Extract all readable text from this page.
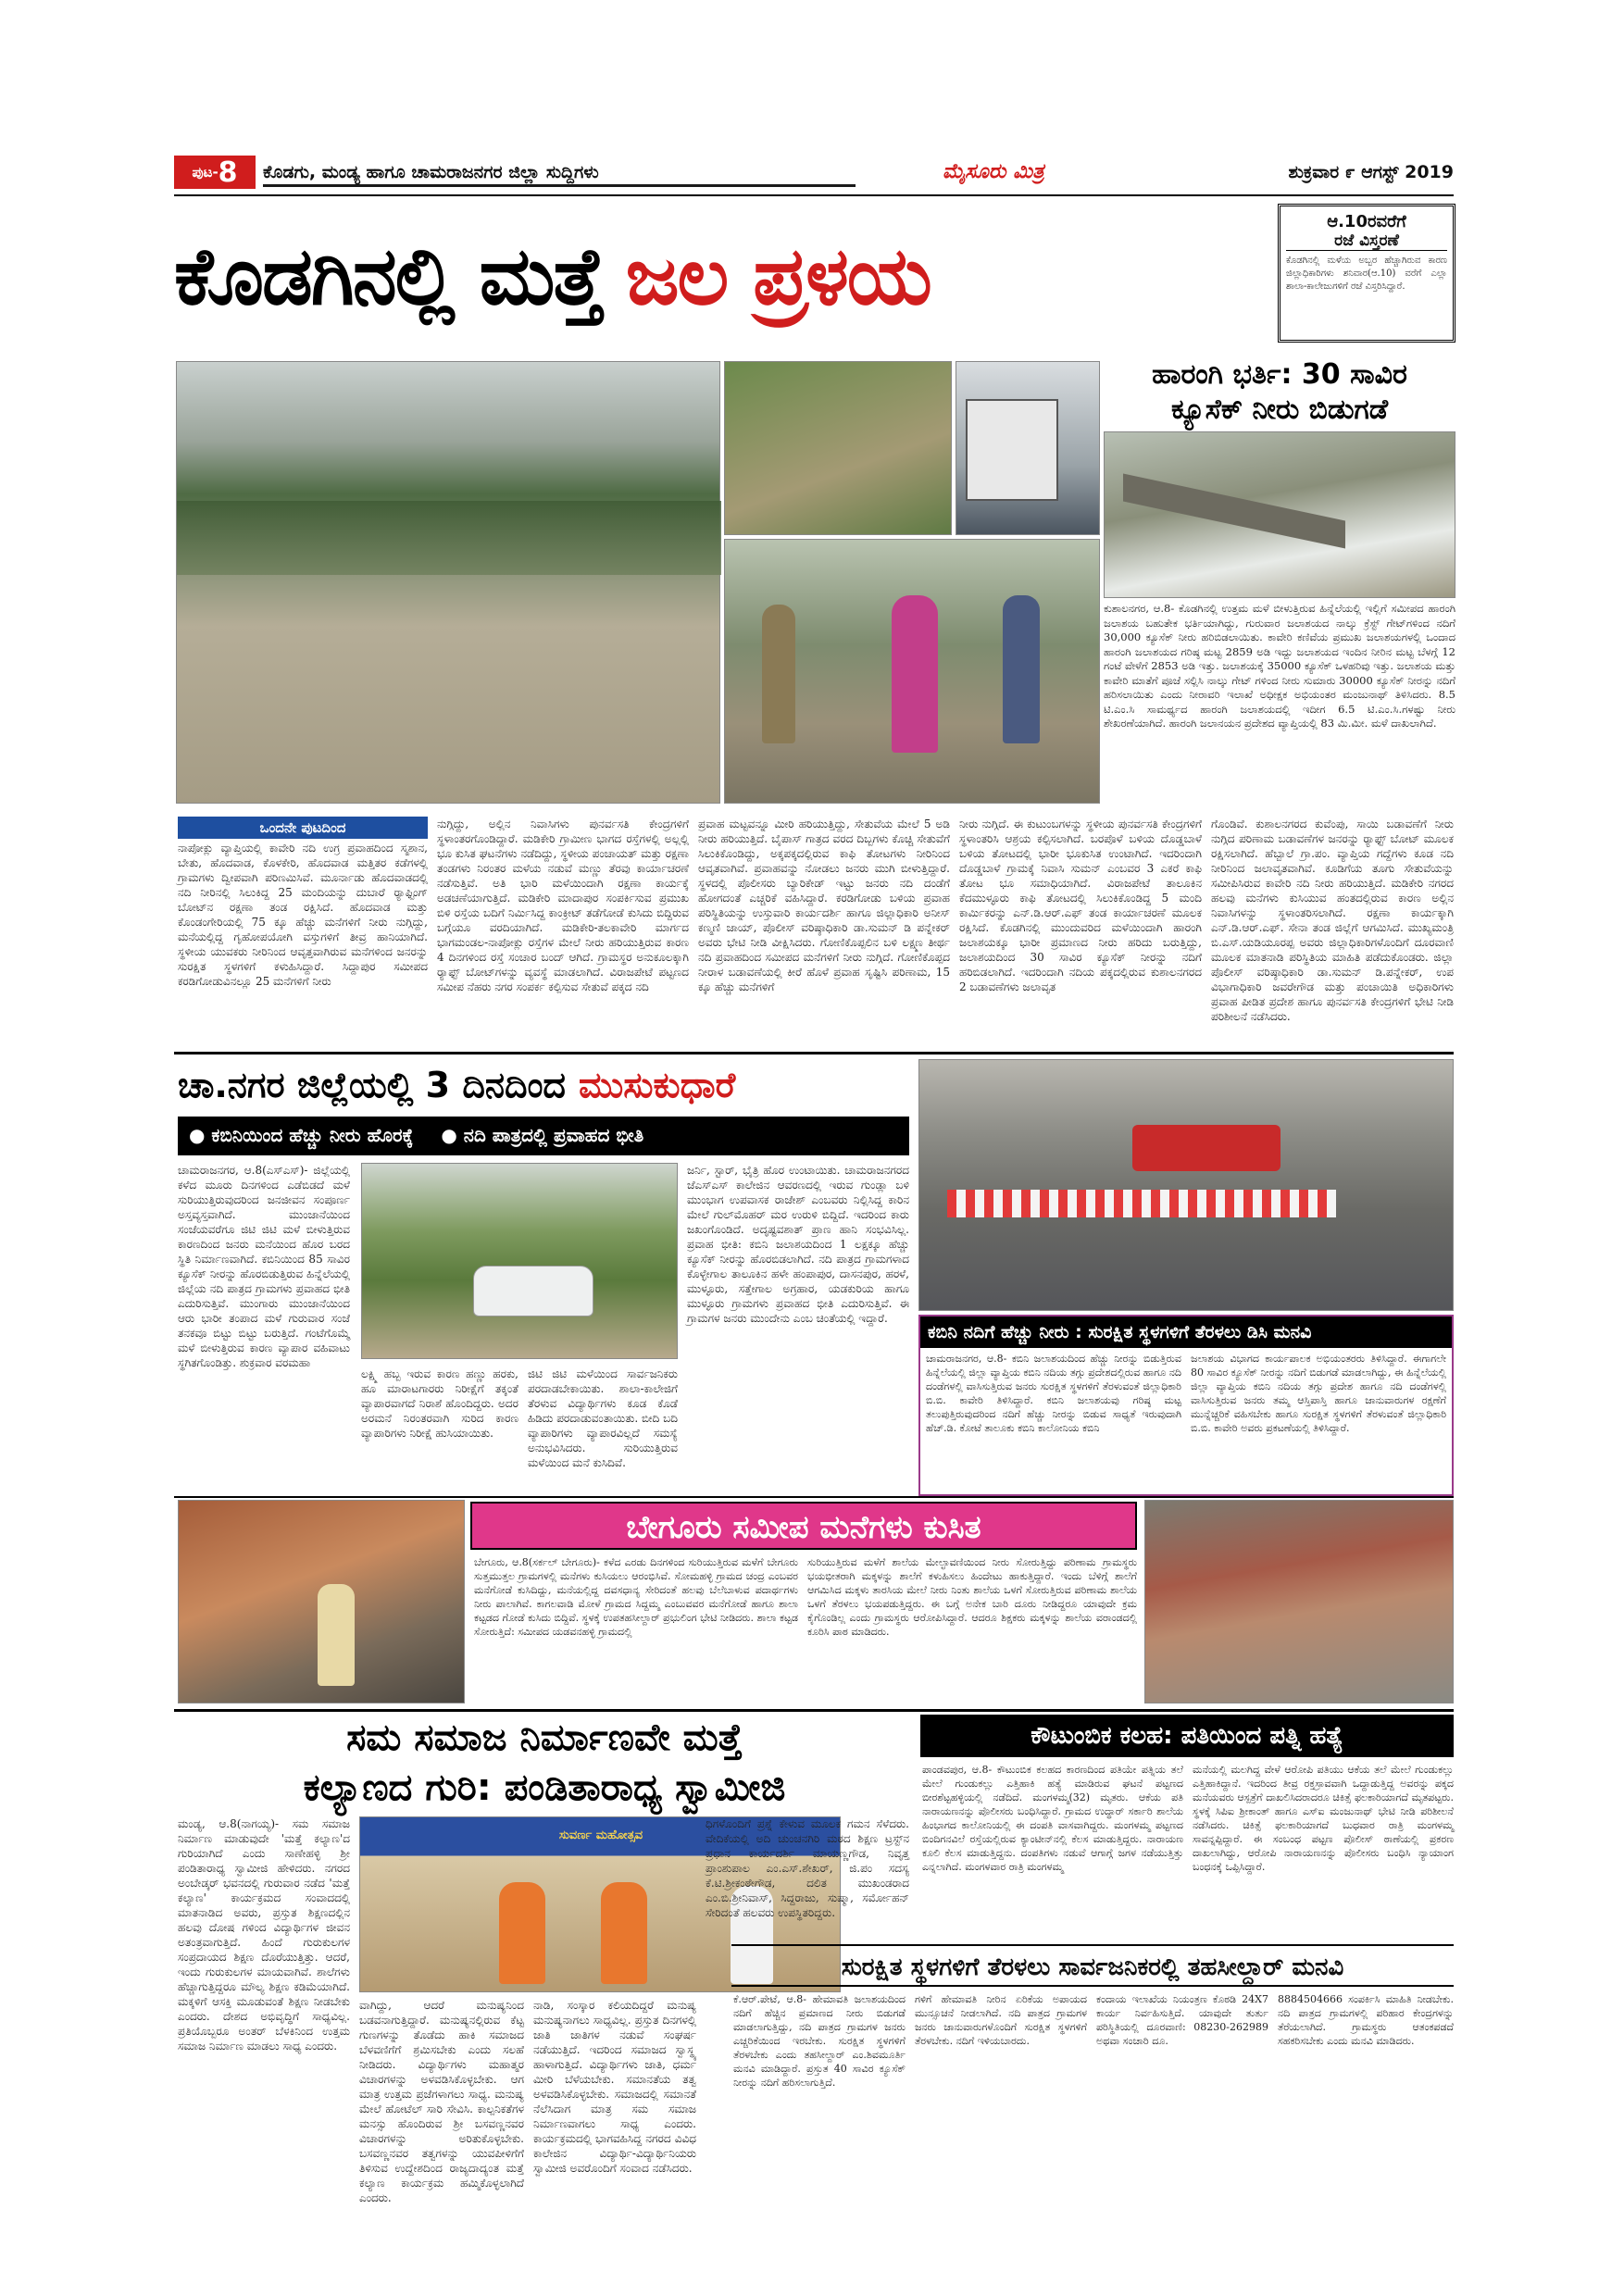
ಪುಟ- 8 ಕೊಡಗು, ಮಂಡ್ಯ ಹಾಗೂ ಚಾಮರಾಜನಗರ ಜಿಲ್ಲಾ ಸುದ್ದಿಗಳು	ಮೈಸೂರು ಮಿತ್ರ	ಶುಕ್ರವಾರ ೯ ಆಗಸ್ಟ್ 2019
ಕೊಡಗಿನಲ್ಲಿ ಮತ್ತೆ ಜಲ ಪ್ರಳಯ
ಆ.10ರವರೆಗೆ
ರಜೆ ವಿಸ್ತರಣೆ
ಕೊಡಗಿನಲ್ಲಿ ಮಳೆಯ ಅಬ್ಬರ ಹೆಚ್ಚಾಗಿರುವ ಕಾರಣ ಜಿಲ್ಲಾಧಿಕಾರಿಗಳು ಶನಿವಾರ(ಆ.10) ವರೆಗೆ ಎಲ್ಲಾ ಶಾಲಾ-ಕಾಲೇಜುಗಳಿಗೆ ರಜೆ ವಿಸ್ತರಿಸಿದ್ದಾರೆ.
ಹಾರಂಗಿ ಭರ್ತಿ: 30 ಸಾವಿರ
ಕ್ಯೂಸೆಕ್ ನೀರು ಬಿಡುಗಡೆ
ಕುಶಾಲನಗರ, ಆ.8- ಕೊಡಗಿನಲ್ಲಿ ಉತ್ತಮ ಮಳೆ ಬೀಳುತ್ತಿರುವ ಹಿನ್ನೆಲೆಯಲ್ಲಿ ಇಲ್ಲಿಗೆ ಸಮೀಪದ ಹಾರಂಗಿ ಜಲಾಶಯ ಬಹುತೇಕ ಭರ್ತಿಯಾಗಿದ್ದು, ಗುರುವಾರ ಜಲಾಶಯದ ನಾಲ್ಕು ಕ್ರೆಸ್ಟ್ ಗೇಟ್‌ಗಳಿಂದ ನದಿಗೆ 30,000 ಕ್ಯೂಸೆಕ್ ನೀರು ಹರಿಬಿಡಲಾಯಿತು. ಕಾವೇರಿ ಕಣಿವೆಯ ಪ್ರಮುಖ ಜಲಾಶಯಗಳಲ್ಲಿ ಒಂದಾದ ಹಾರಂಗಿ ಜಲಾಶಯದ ಗರಿಷ್ಠ ಮಟ್ಟ 2859 ಅಡಿ ಇದ್ದು ಜಲಾಶಯದ ಇಂದಿನ ನೀರಿನ ಮಟ್ಟ ಬೆಳಗ್ಗೆ 12 ಗಂಟೆ ವೇಳೆಗೆ 2853 ಅಡಿ ಇತ್ತು. ಜಲಾಶಯಕ್ಕೆ 35000 ಕ್ಯೂಸೆಕ್ ಒಳಹರಿವು ಇತ್ತು. ಜಲಾಶಯ ಮತ್ತು ಕಾವೇರಿ ಮಾತೆಗೆ ಪೂಜೆ ಸಲ್ಲಿಸಿ ನಾಲ್ಕು ಗೇಟ್ ಗಳಿಂದ ನೀರು ಸುಮಾರು 30000 ಕ್ಯೂಸೆಕ್ ನೀರನ್ನು ನದಿಗೆ ಹರಿಸಲಾಯಿತು ಎಂದು ನೀರಾವರಿ ಇಲಾಖೆ ಅಧೀಕ್ಷಕ ಅಭಿಯಂತರ ಮಂಜುನಾಥ್ ತಿಳಿಸಿದರು. 8.5 ಟಿ.ಎಂ.ಸಿ ಸಾಮರ್ಥ್ಯದ ಹಾರಂಗಿ ಜಲಾಶಯದಲ್ಲಿ ಇದೀಗ 6.5 ಟಿ.ಎಂ.ಸಿ.ಗಳಷ್ಟು ನೀರು ಶೇಖರಣೆಯಾಗಿದೆ. ಹಾರಂಗಿ ಜಲಾನಯನ ಪ್ರದೇಶದ ವ್ಯಾಪ್ತಿಯಲ್ಲಿ 83 ಮಿ.ಮೀ. ಮಳೆ ದಾಖಲಾಗಿದೆ.
ಒಂದನೇ ಪುಟದಿಂದ
ನಾಪೋಕ್ಲು ವ್ಯಾಪ್ತಿಯಲ್ಲಿ ಕಾವೇರಿ ನದಿ ಉಗ್ರ ಪ್ರವಾಹದಿಂದ ಸ್ಮಶಾನ, ಬೇತು, ಹೊದವಾಡ, ಕೊಳಕೇರಿ, ಹೊದವಾಡ ಮತ್ತಿತರ ಕಡೆಗಳಲ್ಲಿ ಗ್ರಾಮಗಳು ದ್ವೀಪವಾಗಿ ಪರಿಣಮಿಸಿವೆ. ಮೂರ್ನಾಡು ಹೊದವಾಡದಲ್ಲಿ ನದಿ ನೀರಿನಲ್ಲಿ ಸಿಲುಕಿದ್ದ 25 ಮಂದಿಯನ್ನು ದುಬಾರೆ ರ್‍ಯಾಫ್ಟಿಂಗ್ ಬೋಟ್‌ನ ರಕ್ಷಣಾ ತಂಡ ರಕ್ಷಿಸಿದೆ. ಹೊದವಾಡ ಮತ್ತು ಕೊಂಡಂಗೇರಿಯಲ್ಲಿ 75 ಕ್ಕೂ ಹೆಚ್ಚು ಮನೆಗಳಿಗೆ ನೀರು ನುಗ್ಗಿದ್ದು, ಮನೆಯಲ್ಲಿದ್ದ ಗೃಹೋಪಯೋಗಿ ವಸ್ತುಗಳಿಗೆ ತೀವ್ರ ಹಾನಿಯಾಗಿದೆ. ಸ್ಥಳೀಯ ಯುವಕರು ನೀರಿನಿಂದ ಆವೃತ್ತವಾಗಿರುವ ಮನೆಗಳಿಂದ ಜನರನ್ನು ಸುರಕ್ಷಿತ ಸ್ಥಳಗಳಿಗೆ ಕಳುಹಿಸಿದ್ದಾರೆ. ಸಿದ್ದಾಪುರ ಸಮೀಪದ ಕರಡಿಗೋಡುವಿನಲ್ಲೂ 25 ಮನೆಗಳಿಗೆ ನೀರು
ನುಗ್ಗಿದ್ದು, ಅಲ್ಲಿನ ನಿವಾಸಿಗಳು ಪುನರ್ವಸತಿ ಕೇಂದ್ರಗಳಿಗೆ ಸ್ಥಳಾಂತರಗೊಂಡಿದ್ದಾರೆ. ಮಡಿಕೇರಿ ಗ್ರಾಮೀಣ ಭಾಗದ ರಸ್ತೆಗಳಲ್ಲಿ ಅಲ್ಲಲ್ಲಿ ಭೂ ಕುಸಿತ ಘಟನೆಗಳು ನಡೆದಿದ್ದು, ಸ್ಥಳೀಯ ಪಂಚಾಯತ್ ಮತ್ತು ರಕ್ಷಣಾ ತಂಡಗಳು ನಿರಂತರ ಮಳೆಯ ನಡುವೆ ಮಣ್ಣು ತೆರವು ಕಾರ್ಯಾಚರಣೆ ನಡೆಸುತ್ತಿವೆ. ಅತಿ ಭಾರಿ ಮಳೆಯಿಂದಾಗಿ ರಕ್ಷಣಾ ಕಾರ್ಯಕ್ಕೆ ಅಡಚಣೆಯಾಗುತ್ತಿದೆ. ಮಡಿಕೇರಿ ಮಾದಾಪುರ ಸಂಪರ್ಕಿಸುವ ಪ್ರಮುಖ ಬಿಳಿ ರಸ್ತೆಯ ಬದಿಗೆ ನಿರ್ಮಿಸಿದ್ದ ಕಾಂಕ್ರೀಟ್ ತಡೆಗೋಡೆ ಕುಸಿದು ಬಿದ್ದಿರುವ ಬಗ್ಗೆಯೂ ವರದಿಯಾಗಿದೆ. ಮಡಿಕೇರಿ-ತಲಕಾವೇರಿ ಮಾರ್ಗದ ಭಾಗಮಂಡಲ-ನಾಪೋಕ್ಲು ರಸ್ತೆಗಳ ಮೇಲೆ ನೀರು ಹರಿಯುತ್ತಿರುವ ಕಾರಣ 4 ದಿನಗಳಿಂದ ರಸ್ತೆ ಸಂಚಾರ ಬಂದ್ ಆಗಿದೆ. ಗ್ರಾಮಸ್ಥರ ಅನುಕೂಲಕ್ಕಾಗಿ ರ್‍ಯಾಫ್ಟ್ ಬೋಟ್‌ಗಳನ್ನು ವ್ಯವಸ್ಥೆ ಮಾಡಲಾಗಿದೆ. ವಿರಾಜಪೇಟೆ ಪಟ್ಟಣದ ಸಮೀಪ ನೆಹರು ನಗರ ಸಂಪರ್ಕ ಕಲ್ಪಿಸುವ ಸೇತುವೆ ಪಕ್ಕದ ನದಿ
ಪ್ರವಾಹ ಮಟ್ಟವನ್ನೂ ಮೀರಿ ಹರಿಯುತ್ತಿದ್ದು, ಸೇತುವೆಯ ಮೇಲೆ 5 ಅಡಿ ನೀರು ಹರಿಯುತ್ತಿದೆ. ಬೈಪಾಸ್ ಗಾತ್ರದ ವರದ ದಿಬ್ಬಗಳು ಕೊಚ್ಚಿ ಸೇತುವೆಗೆ ಸಿಲುಕಿಕೊಂಡಿದ್ದು, ಅಕ್ಕಪಕ್ಕದಲ್ಲಿರುವ ಕಾಫಿ ತೋಟಗಳು ನೀರಿನಿಂದ ಆವೃತವಾಗಿವೆ. ಪ್ರವಾಹವನ್ನು ನೋಡಲು ಜನರು ಮುಗಿ ಬೀಳುತ್ತಿದ್ದಾರೆ. ಸ್ಥಳದಲ್ಲಿ ಪೊಲೀಸರು ಬ್ಯಾರಿಕೇಡ್ ಇಟ್ಟು ಜನರು ನದಿ ದಂಡೆಗೆ ಹೋಗದಂತೆ ಎಚ್ಚರಿಕೆ ವಹಿಸಿದ್ದಾರೆ. ಕರಡಿಗೋಡು ಬಳಿಯ ಪ್ರವಾಹ ಪರಿಸ್ಥಿತಿಯನ್ನು ಉಸ್ತುವಾರಿ ಕಾರ್ಯದರ್ಶಿ ಹಾಗೂ ಜಿಲ್ಲಾಧಿಕಾರಿ ಅನೀಸ್ ಕಣ್ಮಣಿ ಜಾಯ್, ಪೊಲೀಸ್ ವರಿಷ್ಠಾಧಿಕಾರಿ ಡಾ.ಸುಮನ್ ಡಿ ಪನ್ನೇಕರ್ ಅವರು ಭೇಟಿ ನೀಡಿ ವೀಕ್ಷಿಸಿದರು. ಗೋಣಿಕೊಪ್ಪಲಿನ ಬಳಿ ಲಕ್ಷ್ಮಣ ತೀರ್ಥ ನದಿ ಪ್ರವಾಹದಿಂದ ಸಮೀಪದ ಮನೆಗಳಿಗೆ ನೀರು ನುಗ್ಗಿದೆ. ಗೋಣಿಕೊಪ್ಪದ ನೀರಾಳ ಬಡಾವಣೆಯಲ್ಲಿ ಕೀರೆ ಹೊಳೆ ಪ್ರವಾಹ ಸೃಷ್ಟಿಸಿ ಪರಿಣಾಮ, 15 ಕ್ಕೂ ಹೆಚ್ಚು ಮನೆಗಳಿಗೆ
ನೀರು ನುಗ್ಗಿದೆ. ಈ ಕುಟುಂಬಗಳನ್ನು ಸ್ಥಳೀಯ ಪುನರ್ವಸತಿ ಕೇಂದ್ರಗಳಿಗೆ ಸ್ಥಳಾಂತರಿಸಿ ಆಶ್ರಯ ಕಲ್ಪಿಸಲಾಗಿದೆ. ಬರಪೊಳೆ ಬಳಿಯ ದೊಡ್ಡಬಾಳೆ ಬಳಿಯ ತೋಟದಲ್ಲಿ ಭಾರೀ ಭೂಕುಸಿತ ಉಂಟಾಗಿದೆ. ಇದರಿಂದಾಗಿ ದೊಡ್ಡಬಾಳೆ ಗ್ರಾಮಕ್ಕೆ ನಿವಾಸಿ ಸುಮನ್ ಎಂಬವರ 3 ಎಕರೆ ಕಾಫಿ ತೋಟ ಭೂ ಸಮಾಧಿಯಾಗಿದೆ. ವಿರಾಜಪೇಟೆ ತಾಲೂಕಿನ ಕೆದಮುಳ್ಳೂರು ಕಾಫಿ ತೋಟದಲ್ಲಿ ಸಿಲುಕಿಕೊಂಡಿದ್ದ 5 ಮಂದಿ ಕಾರ್ಮಿಕರನ್ನು ಎನ್.ಡಿ.ಆರ್.ಎಫ್ ತಂಡ ಕಾರ್ಯಾಚರಣೆ ಮೂಲಕ ರಕ್ಷಿಸಿದೆ. ಕೊಡಗಿನಲ್ಲಿ ಮುಂದುವರಿದ ಮಳೆಯಿಂದಾಗಿ ಹಾರಂಗಿ ಜಲಾಶಯಕ್ಕೂ ಭಾರೀ ಪ್ರಮಾಣದ ನೀರು ಹರಿದು ಬರುತ್ತಿದ್ದು, ಜಲಾಶಯದಿಂದ 30 ಸಾವಿರ ಕ್ಯೂಸೆಕ್ ನೀರನ್ನು ನದಿಗೆ ಹರಿಬಿಡಲಾಗಿದೆ. ಇದರಿಂದಾಗಿ ನದಿಯ ಪಕ್ಕದಲ್ಲಿರುವ ಕುಶಾಲನಗರದ 2 ಬಡಾವಣೆಗಳು ಜಲಾವೃತ
ಗೊಂಡಿವೆ. ಕುಶಾಲನಗರದ ಕುವೆಂಪು, ಸಾಯಿ ಬಡಾವಣೆಗೆ ನೀರು ನುಗ್ಗಿದ ಪರಿಣಾಮ ಬಡಾವಣೆಗಳ ಜನರನ್ನು ರ್‍ಯಾಫ್ಟ್ ಬೋಟ್ ಮೂಲಕ ರಕ್ಷಿಸಲಾಗಿದೆ. ಹೆಬ್ಬಾಲೆ ಗ್ರಾ.ಪಂ. ವ್ಯಾಪ್ತಿಯ ಗದ್ದೆಗಳು ಕೂಡ ನದಿ ನೀರಿನಿಂದ ಜಲಾವೃತವಾಗಿವೆ. ಕೂಡಿಗೆಯ ತೂಗು ಸೇತುವೆಯನ್ನು ಸಮೀಪಿಸಿರುವ ಕಾವೇರಿ ನದಿ ನೀರು ಹರಿಯುತ್ತಿದೆ. ಮಡಿಕೇರಿ ನಗರದ ಹಲವು ಮನೆಗಳು ಕುಸಿಯುವ ಹಂತದಲ್ಲಿರುವ ಕಾರಣ ಅಲ್ಲಿನ ನಿವಾಸಿಗಳನ್ನು ಸ್ಥಳಾಂತರಿಸಲಾಗಿದೆ. ರಕ್ಷಣಾ ಕಾರ್ಯಕ್ಕಾಗಿ ಎನ್.ಡಿ.ಆರ್.ಎಫ್. ಸೇನಾ ತಂಡ ಜಿಲ್ಲೆಗೆ ಆಗಮಿಸಿದೆ. ಮುಖ್ಯಮಂತ್ರಿ ಬಿ.ಎಸ್.ಯಡಿಯೂರಪ್ಪ ಅವರು ಜಿಲ್ಲಾಧಿಕಾರಿಗಳೊಂದಿಗೆ ದೂರವಾಣಿ ಮೂಲಕ ಮಾತನಾಡಿ ಪರಿಸ್ಥಿತಿಯ ಮಾಹಿತಿ ಪಡೆದುಕೊಂಡರು. ಜಿಲ್ಲಾ ಪೊಲೀಸ್ ವರಿಷ್ಠಾಧಿಕಾರಿ ಡಾ.ಸುಮನ್ ಡಿ.ಪನ್ನೇಕರ್, ಉಪ ವಿಭಾಗಾಧಿಕಾರಿ ಜವರೇಗೌಡ ಮತ್ತು ಪಂಚಾಯಿತಿ ಅಧಿಕಾರಿಗಳು ಪ್ರವಾಹ ಪೀಡಿತ ಪ್ರದೇಶ ಹಾಗೂ ಪುನರ್ವಸತಿ ಕೇಂದ್ರಗಳಿಗೆ ಭೇಟಿ ನೀಡಿ ಪರಿಶೀಲನೆ ನಡೆಸಿದರು.
ಚಾ.ನಗರ ಜಿಲ್ಲೆಯಲ್ಲಿ 3 ದಿನದಿಂದ ಮುಸುಕುಧಾರೆ
● ಕಬಿನಿಯಿಂದ ಹೆಚ್ಚು ನೀರು ಹೊರಕ್ಕೆ ● ನದಿ ಪಾತ್ರದಲ್ಲಿ ಪ್ರವಾಹದ ಭೀತಿ
ಚಾಮರಾಜನಗರ, ಆ.8(ಎಸ್‌ಎಸ್)- ಜಿಲ್ಲೆಯಲ್ಲಿ ಕಳೆದ ಮೂರು ದಿನಗಳಿಂದ ಎಡೆಬಿಡದೆ ಮಳೆ ಸುರಿಯುತ್ತಿರುವುದರಿಂದ ಜನಜೀವನ ಸಂಪೂರ್ಣ ಅಸ್ತವ್ಯಸ್ತವಾಗಿದೆ. ಮುಂಜಾನೆಯಿಂದ ಸಂಜೆಯವರೆಗೂ ಜಿಟಿ ಜಿಟಿ ಮಳೆ ಬೀಳುತ್ತಿರುವ ಕಾರಣದಿಂದ ಜನರು ಮನೆಯಿಂದ ಹೊರ ಬರದ ಸ್ಥಿತಿ ನಿರ್ಮಾಣವಾಗಿದೆ. ಕಬಿನಿಯಿಂದ 85 ಸಾವಿರ ಕ್ಯೂಸೆಕ್ ನೀರನ್ನು ಹೊರಬಿಡುತ್ತಿರುವ ಹಿನ್ನೆಲೆಯಲ್ಲಿ ಜಿಲ್ಲೆಯ ನದಿ ಪಾತ್ರದ ಗ್ರಾಮಗಳು ಪ್ರವಾಹದ ಭೀತಿ ಎದುರಿಸುತ್ತಿವೆ. ಮುಂಗಾರು ಮುಂಜಾನೆಯಿಂದ ಆರು ಭಾರೀ ತಂಪಾದ ಮಳೆ ಗುರುವಾರ ಸಂಜೆ ತನಕವೂ ಬಿಟ್ಟು ಬಿಟ್ಟು ಬರುತ್ತಿದೆ. ಗಂಟೆಗೊಮ್ಮೆ ಮಳೆ ಬೀಳುತ್ತಿರುವ ಕಾರಣ ವ್ಯಾಪಾರ ವಹಿವಾಟು ಸ್ಥಗಿತಗೊಂಡಿತ್ತು. ಶುಕ್ರವಾರ ವರಮಹಾ
ಲಕ್ಷ್ಮಿ ಹಬ್ಬ ಇರುವ ಕಾರಣ ಹಣ್ಣು ಹರಕು, ಹೂ ಮಾರಾಟಗಾರರು ನಿರೀಕ್ಷೆಗೆ ತಕ್ಕಂತೆ ವ್ಯಾಪಾರವಾಗದೆ ನಿರಾಶೆ ಹೊಂದಿದ್ದರು. ಅದರ ಅರಮನೆ ನಿರಂತರವಾಗಿ ಸುರಿದ ಕಾರಣ ವ್ಯಾಪಾರಿಗಳು ನಿರೀಕ್ಷೆ ಹುಸಿಯಾಯಿತು.
ಜಿಟಿ ಜಿಟಿ ಮಳೆಯಿಂದ ಸಾರ್ವಜನಿಕರು ಪರದಾಡಬೇಕಾಯಿತು. ಶಾಲಾ-ಕಾಲೇಜಿಗೆ ತೆರಳುವ ವಿದ್ಯಾರ್ಥಿಗಳು ಕೂಡ ಕೊಡೆ ಹಿಡಿದು ಪರದಾಡುವಂತಾಯಿತು. ಬೀದಿ ಬದಿ ವ್ಯಾಪಾರಿಗಳು ವ್ಯಾಪಾರವಿಲ್ಲದೆ ಸಮಸ್ಯೆ ಅನುಭವಿಸಿದರು. ಸುರಿಯುತ್ತಿರುವ ಮಳೆಯಿಂದ ಮನೆ ಕುಸಿದಿವೆ.
ಜರ್ನಿ, ಸ್ಟಾರ್, ಭೈತ್ರಿ ಹೊರ ಉಂಟಾಯಿತು. ಚಾಮರಾಜನಗರದ ಜೆಎಸ್‌ಎಸ್ ಕಾಲೇಜಿನ ಆವರಣದಲ್ಲಿ ಇರುವ ಗುಂಡ್ಲಾ ಬಳಿ ಮುಂಭಾಗ ಉಪವಾಸಕ ರಾಜೇಶ್ ಎಂಬವರು ನಿಲ್ಲಿಸಿದ್ದ ಕಾರಿನ ಮೇಲೆ ಗುಲ್‌ಮೊಹರ್ ಮರ ಉರುಳಿ ಬಿದ್ದಿದೆ. ಇದರಿಂದ ಕಾರು ಜಖಂಗೊಂಡಿದೆ. ಅದೃಷ್ಟವಶಾತ್ ಪ್ರಾಣ ಹಾನಿ ಸಂಭವಿಸಿಲ್ಲ. ಪ್ರವಾಹ ಭೀತಿ: ಕಬಿನಿ ಜಲಾಶಯದಿಂದ 1 ಲಕ್ಷಕ್ಕೂ ಹೆಚ್ಚು ಕ್ಯೂಸೆಕ್ ನೀರನ್ನು ಹೊರಬಿಡಲಾಗಿದೆ. ನದಿ ಪಾತ್ರದ ಗ್ರಾಮಗಳಾದ ಕೊಳ್ಳೇಗಾಲ ತಾಲೂಕಿನ ಹಳೇ ಹಂಪಾಪುರ, ದಾಸನಪುರ, ಹರಳೆ, ಮುಳ್ಳೂರು, ಸತ್ತೇಗಾಲ ಅಗ್ರಹಾರ, ಯಡಕುರಿಯ ಹಾಗೂ ಮುಳ್ಳೂರು ಗ್ರಾಮಗಳು ಪ್ರವಾಹದ ಭೀತಿ ಎದುರಿಸುತ್ತಿವೆ. ಈ ಗ್ರಾಮಗಳ ಜನರು ಮುಂದೇನು ಎಂಬ ಚಿಂತೆಯಲ್ಲಿ ಇದ್ದಾರೆ.
ಕಬಿನಿ ನದಿಗೆ ಹೆಚ್ಚು ನೀರು : ಸುರಕ್ಷಿತ ಸ್ಥಳಗಳಿಗೆ ತೆರಳಲು ಡಿಸಿ ಮನವಿ
ಚಾಮರಾಜನಗರ, ಆ.8- ಕಬಿನಿ ಜಲಾಶಯದಿಂದ ಹೆಚ್ಚು ನೀರನ್ನು ಬಿಡುತ್ತಿರುವ ಹಿನ್ನೆಲೆಯಲ್ಲಿ ಜಿಲ್ಲಾ ವ್ಯಾಪ್ತಿಯ ಕಬಿನಿ ನದಿಯ ತಗ್ಗು ಪ್ರದೇಶದಲ್ಲಿರುವ ಹಾಗೂ ನದಿ ದಂಡೆಗಳಲ್ಲಿ ವಾಸಿಸುತ್ತಿರುವ ಜನರು ಸುರಕ್ಷಿತ ಸ್ಥಳಗಳಿಗೆ ತೆರಳುವಂತೆ ಜಿಲ್ಲಾಧಿಕಾರಿ ಬಿ.ಬಿ. ಕಾವೇರಿ ತಿಳಿಸಿದ್ದಾರೆ. ಕಬಿನಿ ಜಲಾಶಯವು ಗರಿಷ್ಠ ಮಟ್ಟ ತಲುಪುತ್ತಿರುವುದರಿಂದ ನದಿಗೆ ಹೆಚ್ಚು ನೀರನ್ನು ಬಿಡುವ ಸಾಧ್ಯತೆ ಇರುವುದಾಗಿ ಹೆಚ್.ಡಿ. ಕೋಟೆ ತಾಲೂಕು ಕಬಿನಿ ಕಾಲೋನಿಯ ಕಬಿನಿ
ಜಲಾಶಯ ವಿಭಾಗದ ಕಾರ್ಯಪಾಲಕ ಅಭಿಯಂತರರು ತಿಳಿಸಿದ್ದಾರೆ. ಈಗಾಗಲೇ 80 ಸಾವಿರ ಕ್ಯೂಸೆಕ್ ನೀರನ್ನು ನದಿಗೆ ಬಿಡುಗಡೆ ಮಾಡಲಾಗಿದ್ದು, ಈ ಹಿನ್ನೆಲೆಯಲ್ಲಿ ಜಿಲ್ಲಾ ವ್ಯಾಪ್ತಿಯ ಕಬಿನಿ ನದಿಯ ತಗ್ಗು ಪ್ರದೇಶ ಹಾಗೂ ನದಿ ದಂಡೆಗಳಲ್ಲಿ ವಾಸಿಸುತ್ತಿರುವ ಜನರು ತಮ್ಮ ಆಸ್ತಿಪಾಸ್ತಿ ಹಾಗೂ ಜಾನುವಾರುಗಳ ರಕ್ಷಣೆಗೆ ಮುನ್ನೆಚ್ಚರಿಕೆ ವಹಿಸಬೇಕು ಹಾಗೂ ಸುರಕ್ಷಿತ ಸ್ಥಳಗಳಿಗೆ ತೆರಳುವಂತೆ ಜಿಲ್ಲಾಧಿಕಾರಿ ಬಿ.ಬಿ. ಕಾವೇರಿ ಅವರು ಪ್ರಕಟಣೆಯಲ್ಲಿ ತಿಳಿಸಿದ್ದಾರೆ.
ಬೇಗೂರು ಸಮೀಪ ಮನೆಗಳು ಕುಸಿತ
ಬೇಗೂರು, ಆ.8(ಸರ್ಕಲ್ ಬೇಗೂರು)- ಕಳೆದ ಎರಡು ದಿನಗಳಿಂದ ಸುರಿಯುತ್ತಿರುವ ಮಳೆಗೆ ಬೇಗೂರು ಸುತ್ತಮುತ್ತಲ ಗ್ರಾಮಗಳಲ್ಲಿ ಮನೆಗಳು ಕುಸಿಯಲು ಆರಂಭಿಸಿವೆ. ಸೋಮಹಳ್ಳಿ ಗ್ರಾಮದ ಚಂದ್ರ ಎಂಬವರ ಮನೆಗೋಡೆ ಕುಸಿದಿದ್ದು, ಮನೆಯಲ್ಲಿದ್ದ ದವಸಧಾನ್ಯ ಸೇರಿದಂತೆ ಹಲವು ಬೆಲೆಬಾಳುವ ಪದಾರ್ಥಗಳು ನೀರು ಪಾಲಾಗಿವೆ. ಕಾಗಲವಾಡಿ ಮೋಳೆ ಗ್ರಾಮದ ಸಿದ್ದಮ್ಮ ಎಂಬುವವರ ಮನೆಗೋಡೆ ಹಾಗೂ ಶಾಲಾ ಕಟ್ಟಡದ ಗೋಡೆ ಕುಸಿದು ಬಿದ್ದಿವೆ. ಸ್ಥಳಕ್ಕೆ ಉಪತಹಸೀಲ್ದಾರ್ ಪ್ರಭುಲಿಂಗ ಭೇಟಿ ನೀಡಿದರು. ಶಾಲಾ ಕಟ್ಟಡ ಸೋರುತ್ತಿದೆ: ಸಮೀಪದ ಯಡವನಹಳ್ಳಿ ಗ್ರಾಮದಲ್ಲಿ
ಸುರಿಯುತ್ತಿರುವ ಮಳೆಗೆ ಶಾಲೆಯ ಮೇಲ್ಛಾವಣಿಯಿಂದ ನೀರು ಸೋರುತ್ತಿದ್ದು ಪರಿಣಾಮ ಗ್ರಾಮಸ್ಥರು ಭಯಭೀತರಾಗಿ ಮಕ್ಕಳನ್ನು ಶಾಲೆಗೆ ಕಳುಹಿಸಲು ಹಿಂದೇಟು ಹಾಕುತ್ತಿದ್ದಾರೆ. ಇಂದು ಬೆಳಿಗ್ಗೆ ಶಾಲೆಗೆ ಆಗಮಿಸಿದ ಮಕ್ಕಳು ತಾರಸಿಯ ಮೇಲೆ ನೀರು ನಿಂತು ಶಾಲೆಯ ಒಳಗೆ ಸೋರುತ್ತಿರುವ ಪರಿಣಾಮ ಶಾಲೆಯ ಒಳಗೆ ತೆರಳಲು ಭಯಪಡುತ್ತಿದ್ದರು. ಈ ಬಗ್ಗೆ ಅನೇಕ ಬಾರಿ ದೂರು ನೀಡಿದ್ದರೂ ಯಾವುದೇ ಕ್ರಮ ಕೈಗೊಂಡಿಲ್ಲ ಎಂದು ಗ್ರಾಮಸ್ಥರು ಆರೋಪಿಸಿದ್ದಾರೆ. ಆದರೂ ಶಿಕ್ಷಕರು ಮಕ್ಕಳನ್ನು ಶಾಲೆಯ ವರಾಂಡದಲ್ಲಿ ಕೂರಿಸಿ ಪಾಠ ಮಾಡಿದರು.
ಸಮ ಸಮಾಜ ನಿರ್ಮಾಣವೇ ಮತ್ತೆ
ಕಲ್ಯಾಣದ ಗುರಿ: ಪಂಡಿತಾರಾಧ್ಯ ಸ್ವಾಮೀಜಿ
ಮಂಡ್ಯ, ಆ.8(ನಾಗಯ್ಯ)- ಸಮ ಸಮಾಜ ನಿರ್ಮಾಣ ಮಾಡುವುದೇ 'ಮತ್ತೆ ಕಲ್ಯಾಣ'ದ ಗುರಿಯಾಗಿದೆ ಎಂದು ಸಾಣೇಹಳ್ಳಿ ಶ್ರೀ ಪಂಡಿತಾರಾಧ್ಯ ಸ್ವಾಮೀಜಿ ಹೇಳಿದರು. ನಗರದ ಅಂಬೇಡ್ಕರ್ ಭವನದಲ್ಲಿ ಗುರುವಾರ ನಡೆದ 'ಮತ್ತೆ ಕಲ್ಯಾಣ' ಕಾರ್ಯಕ್ರಮದ ಸಂವಾದದಲ್ಲಿ ಮಾತನಾಡಿದ ಅವರು, ಪ್ರಸ್ತುತ ಶಿಕ್ಷಣದಲ್ಲಿನ ಹಲವು ದೋಷ ಗಳಿಂದ ವಿದ್ಯಾರ್ಥಿಗಳ ಜೀವನ ಅತಂತ್ರವಾಗುತ್ತಿದೆ. ಹಿಂದೆ ಗುರುಕುಲಗಳ ಸಂಪ್ರದಾಯದ ಶಿಕ್ಷಣ ದೊರೆಯುತ್ತಿತ್ತು. ಆದರೆ, ಇಂದು ಗುರುಕುಲಗಳ ಮಾಯವಾಗಿವೆ. ಶಾಲೆಗಳು ಹೆಚ್ಚಾಗುತ್ತಿದ್ದರೂ ಮೌಲ್ಯ ಶಿಕ್ಷಣ ಕಡಿಮೆಯಾಗಿದೆ. ಮಕ್ಕಳಿಗೆ ಆಸಕ್ತಿ ಮೂಡುವಂತೆ ಶಿಕ್ಷಣ ನೀಡಬೇಕು ಎಂದರು. ದೇಶದ ಅಭಿವೃದ್ಧಿಗೆ ಸಾಧ್ಯವಿಲ್ಲ. ಪ್ರತಿಯೊಬ್ಬರೂ ಅಂತರ್ ಬೆಳಕಿನಿಂದ ಉತ್ತಮ ಸಮಾಜ ನಿರ್ಮಾಣ ಮಾಡಲು ಸಾಧ್ಯ ಎಂದರು.
ಸುವರ್ಣ ಮಹೋತ್ಸವ
ವಾಗಿದ್ದು, ಆದರೆ ಮನುಷ್ಯನಿಂದ ಬಡವನಾಗುತ್ತಿದ್ದಾರೆ. ಮನುಷ್ಯನಲ್ಲಿರುವ ಕೆಟ್ಟ ಗುಣಗಳನ್ನು ತೊಡೆದು ಹಾಕಿ ಸಮಾಜದ ಬೆಳವಣಿಗೆಗೆ ಶ್ರಮಿಸಬೇಕು ಎಂದು ಸಲಹೆ ನೀಡಿದರು. ವಿದ್ಯಾರ್ಥಿಗಳು ಮಹಾತ್ಮರ ವಿಚಾರಗಳನ್ನು ಅಳವಡಿಸಿಕೊಳ್ಳಬೇಕು. ಆಗ ಮಾತ್ರ ಉತ್ತಮ ಪ್ರಜೆಗಳಾಗಲು ಸಾಧ್ಯ. ಮನುಷ್ಯ ಮೇಲೆ ಹೋಟೆಲ್ ಸಾರಿ ಸೇವಿಸಿ. ಕಾಲ್ಪನಿಕತೆಗಳ ಮನಸ್ಸು ಹೊಂದಿರುವ ಶ್ರೀ ಬಸವಣ್ಣನವರ ವಿಚಾರಗಳನ್ನು ಅರಿತುಕೊಳ್ಳಬೇಕು. ಬಸವಣ್ಣನವರ ತತ್ವಗಳನ್ನು ಯುವಪೀಳಿಗೆಗೆ ತಿಳಿಸುವ ಉದ್ದೇಶದಿಂದ ರಾಜ್ಯದಾದ್ಯಂತ ಮತ್ತೆ ಕಲ್ಯಾಣ ಕಾರ್ಯಕ್ರಮ ಹಮ್ಮಿಕೊಳ್ಳಲಾಗಿದೆ ಎಂದರು.
ನಾಡಿ, ಸಂಸ್ಕಾರ ಕಲಿಯದಿದ್ದರೆ ಮನುಷ್ಯ ಮನುಷ್ಯನಾಗಲು ಸಾಧ್ಯವಿಲ್ಲ. ಪ್ರಸ್ತುತ ದಿನಗಳಲ್ಲಿ ಜಾತಿ ಜಾತಿಗಳ ನಡುವೆ ಸಂಘರ್ಷ ನಡೆಯುತ್ತಿದೆ. ಇದರಿಂದ ಸಮಾಜದ ಸ್ವಾಸ್ಥ್ಯ ಹಾಳಾಗುತ್ತಿದೆ. ವಿದ್ಯಾರ್ಥಿಗಳು ಜಾತಿ, ಧರ್ಮ ಮೀರಿ ಬೆಳೆಯಬೇಕು. ಸಮಾನತೆಯ ತತ್ವ ಅಳವಡಿಸಿಕೊಳ್ಳಬೇಕು. ಸಮಾಜದಲ್ಲಿ ಸಮಾನತೆ ನೆಲೆಸಿದಾಗ ಮಾತ್ರ ಸಮ ಸಮಾಜ ನಿರ್ಮಾಣವಾಗಲು ಸಾಧ್ಯ ಎಂದರು. ಕಾರ್ಯಕ್ರಮದಲ್ಲಿ ಭಾಗವಹಿಸಿದ್ದ ನಗರದ ವಿವಿಧ ಕಾಲೇಜಿನ ವಿದ್ಯಾರ್ಥಿ-ವಿದ್ಯಾರ್ಥಿನಿಯರು ಸ್ವಾಮೀಜಿ ಅವರೊಂದಿಗೆ ಸಂವಾದ ನಡೆಸಿದರು.
ಧಿಗಳೊಂದಿಗೆ ಪ್ರಶ್ನೆ ಕೇಳುವ ಮೂಲಕ ಗಮನ ಸೆಳೆದರು. ವೇದಿಕೆಯಲ್ಲಿ ಅದಿ ಚುಂಚನಗಿರಿ ಮಠದ ಶಿಕ್ಷಣ ಟ್ರಸ್ಟ್‌ನ ಪ್ರಧಾನ ಕಾರ್ಯದರ್ಶಿ ಮಾಯಣ್ಣಗೌಡ, ನಿವೃತ್ತ ಪ್ರಾಂಶುಪಾಲ ಎಂ.ಎಸ್.ಶೇಖರ್, ಜಿ.ಪಂ ಸದಸ್ಯ ಕೆ.ಟಿ.ಶ್ರೀಕಂಠೇಗೌಡ, ದಲಿತ ಮುಖಂಡರಾದ ಎಂ.ಬಿ.ಶ್ರೀನಿವಾಸ್, ಸಿದ್ದರಾಜು, ಸುಷ್ಮಾ, ಸರ್ಮೋಹನ್ ಸೇರಿದಂತೆ ಹಲವರು ಉಪಸ್ಥಿತರಿದ್ದರು.
ಕೌಟುಂಬಿಕ ಕಲಹ: ಪತಿಯಿಂದ ಪತ್ನಿ ಹತ್ಯೆ
ಪಾಂಡವಪುರ, ಆ.8- ಕೌಟುಂಬಿಕ ಕಲಹದ ಕಾರಣದಿಂದ ಪತಿಯೇ ಪತ್ನಿಯ ತಲೆ ಮೇಲೆ ಗುಂಡುಕಲ್ಲು ಎತ್ತಿಹಾಕಿ ಹತ್ಯೆ ಮಾಡಿರುವ ಘಟನೆ ಪಟ್ಟಣದ ಬೀರಶೆಟ್ಟಹಳ್ಳಿಯಲ್ಲಿ ನಡೆದಿದೆ. ಮಂಗಳಮ್ಮ(32) ಮೃತರು. ಆಕೆಯ ಪತಿ ನಾರಾಯಣನನ್ನು ಪೊಲೀಸರು ಬಂಧಿಸಿದ್ದಾರೆ. ಗ್ರಾಮದ ಉದ್ಧಾರ್ ಸರ್ಕಾರಿ ಶಾಲೆಯ ಹಿಂಭಾಗದ ಕಾಲೋನಿಯಲ್ಲಿ ಈ ದಂಪತಿ ವಾಸವಾಗಿದ್ದರು. ಮಂಗಳಮ್ಮ ಪಟ್ಟಣದ ಬಿಂದಿಗನವಿಲೆ ರಸ್ತೆಯಲ್ಲಿರುವ ಕ್ಯಾಂಟೀನ್‌ನಲ್ಲಿ ಕೆಲಸ ಮಾಡುತ್ತಿದ್ದರು. ನಾರಾಯಣ ಕೂಲಿ ಕೆಲಸ ಮಾಡುತ್ತಿದ್ದನು. ದಂಪತಿಗಳು ನಡುವೆ ಆಗಾಗ್ಗೆ ಜಗಳ ನಡೆಯುತ್ತಿತ್ತು ಎನ್ನಲಾಗಿದೆ. ಮಂಗಳವಾರ ರಾತ್ರಿ ಮಂಗಳಮ್ಮ
ಮನೆಯಲ್ಲಿ ಮಲಗಿದ್ದ ವೇಳೆ ಆರೋಪಿ ಪತಿಯು ಆಕೆಯ ತಲೆ ಮೇಲೆ ಗುಂಡುಕಲ್ಲು ಎತ್ತಿಹಾಕಿದ್ದಾನೆ. ಇದರಿಂದ ತೀವ್ರ ರಕ್ತಸ್ರಾವವಾಗಿ ಒದ್ದಾಡುತ್ತಿದ್ದ ಅವರನ್ನು ಪಕ್ಕದ ಮನೆಯವರು ಆಸ್ಪತ್ರೆಗೆ ದಾಖಲಿಸಿದರಾದರೂ ಚಿಕಿತ್ಸೆ ಫಲಕಾರಿಯಾಗದೆ ಮೃತಪಟ್ಟರು. ಸ್ಥಳಕ್ಕೆ ಸಿಪಿಐ ಶ್ರೀಕಾಂತ್ ಹಾಗೂ ಎಸ್‌ಐ ಮಂಜುನಾಥ್ ಭೇಟಿ ನೀಡಿ ಪರಿಶೀಲನೆ ನಡೆಸಿದರು. ಚಿಕಿತ್ಸೆ ಫಲಕಾರಿಯಾಗದೆ ಬುಧವಾರ ರಾತ್ರಿ ಮಂಗಳಮ್ಮ ಸಾವನ್ನಪ್ಪಿದ್ದಾರೆ. ಈ ಸಂಬಂಧ ಪಟ್ಟಣ ಪೊಲೀಸ್ ಠಾಣೆಯಲ್ಲಿ ಪ್ರಕರಣ ದಾಖಲಾಗಿದ್ದು, ಆರೋಪಿ ನಾರಾಯಣನನ್ನು ಪೊಲೀಸರು ಬಂಧಿಸಿ ನ್ಯಾಯಾಂಗ ಬಂಧನಕ್ಕೆ ಒಪ್ಪಿಸಿದ್ದಾರೆ.
ಸುರಕ್ಷಿತ ಸ್ಥಳಗಳಿಗೆ ತೆರಳಲು ಸಾರ್ವಜನಿಕರಲ್ಲಿ ತಹಸೀಲ್ದಾರ್ ಮನವಿ
ಕೆ.ಆರ್.ಪೇಟೆ, ಆ.8- ಹೇಮಾವತಿ ಜಲಾಶಯದಿಂದ ನದಿಗೆ ಹೆಚ್ಚಿನ ಪ್ರಮಾಣದ ನೀರು ಬಿಡುಗಡೆ ಮಾಡಲಾಗುತ್ತಿದ್ದು, ನದಿ ಪಾತ್ರದ ಗ್ರಾಮಗಳ ಜನರು ಎಚ್ಚರಿಕೆಯಿಂದ ಇರಬೇಕು. ಸುರಕ್ಷಿತ ಸ್ಥಳಗಳಿಗೆ ತೆರಳಬೇಕು ಎಂದು ತಹಸೀಲ್ದಾರ್ ಎಂ.ಶಿವಮೂರ್ತಿ ಮನವಿ ಮಾಡಿದ್ದಾರೆ. ಪ್ರಸ್ತುತ 40 ಸಾವಿರ ಕ್ಯೂಸೆಕ್ ನೀರನ್ನು ನದಿಗೆ ಹರಿಸಲಾಗುತ್ತಿದೆ.
ಗಳಿಗೆ ಹೇಮಾವತಿ ನೀರಿನ ಏರಿಕೆಯ ಅಪಾಯದ ಮುನ್ಸೂಚನೆ ನೀಡಲಾಗಿದೆ. ನದಿ ಪಾತ್ರದ ಗ್ರಾಮಗಳ ಜನರು ಜಾನುವಾರುಗಳೊಂದಿಗೆ ಸುರಕ್ಷಿತ ಸ್ಥಳಗಳಿಗೆ ತೆರಳಬೇಕು. ನದಿಗೆ ಇಳಿಯಬಾರದು.
ಕಂದಾಯ ಇಲಾಖೆಯ ನಿಯಂತ್ರಣ ಕೊಠಡಿ 24X7 ಕಾರ್ಯ ನಿರ್ವಹಿಸುತ್ತಿದೆ. ಯಾವುದೇ ತುರ್ತು ಪರಿಸ್ಥಿತಿಯಲ್ಲಿ ದೂರವಾಣಿ: 08230-262989 ಅಥವಾ ಸಂಚಾರಿ ದೂ.
8884504666 ಸಂಪರ್ಕಿಸಿ ಮಾಹಿತಿ ನೀಡಬೇಕು. ನದಿ ಪಾತ್ರದ ಗ್ರಾಮಗಳಲ್ಲಿ ಪರಿಹಾರ ಕೇಂದ್ರಗಳನ್ನು ತೆರೆಯಲಾಗಿದೆ. ಗ್ರಾಮಸ್ಥರು ಆತಂಕಪಡದೆ ಸಹಕರಿಸಬೇಕು ಎಂದು ಮನವಿ ಮಾಡಿದರು.
